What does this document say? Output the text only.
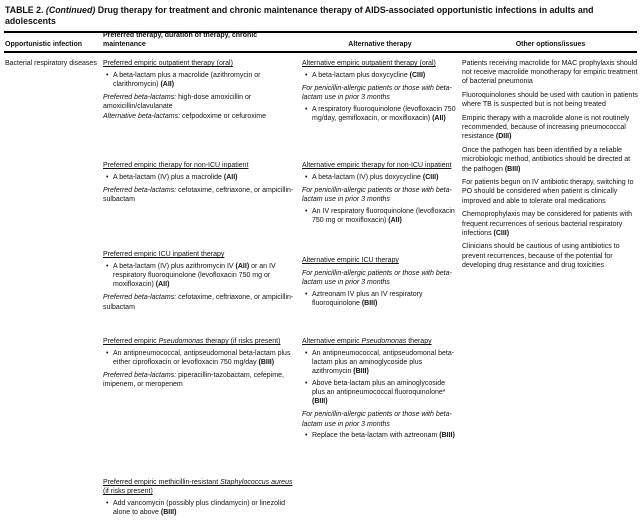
TABLE 2. (Continued) Drug therapy for treatment and chronic maintenance therapy of AIDS-associated opportunistic infections in adults and adolescents
Opportunistic infection
Preferred therapy, duration of therapy, chronic maintenance	Alternative therapy	Other options/issues
Bacterial respiratory diseases Preferred empiric outpatient therapy (oral)
• A beta-lactam plus a macrolide (azithromycin or clarithromycin) (AII)
Preferred beta-lactams: high-dose amoxicillin or amoxicillin/clavulanate
Alternative beta-lactams: cefpodoxime or cefuroxime
Preferred empiric therapy for non-ICU inpatient
• A beta-lactam (IV) plus a macrolide (AII)
Preferred beta-lactams: cefotaxime, ceftriaxone, or ampicillin-sulbactam
Preferred empiric ICU inpatient therapy
• A beta-lactam (IV) plus azithromycin IV (AII) or an IV respiratory fluoroquinolone (levofloxacin 750 mg or moxifloxacin) (AII)
Preferred beta-lactams: cefotaxime, ceftriaxone, or ampicillin-sulbactam
Preferred empiric Pseudomonas therapy (if risks present)
• An antipneumococcal, antipseudomonal beta-lactam plus either ciprofloxacin or levofloxacin 750 mg/day (BIII)
Preferred beta-lactams: piperacillin-tazobactam, cefepime, imipenem, or meropenem
Preferred empiric methicillin-resistant Staphylococcus aureus (if risks present)
• Add vancomycin (possibly plus clindamycin) or linezolid alone to above (BIII)
Alternative empiric outpatient therapy (oral)
• A beta-lactam plus doxycycline (CIII)
For penicillin-allergic patients or those with beta-lactam use in prior 3 months
• A respiratory fluoroquinolone (levofloxacin 750 mg/day, gemifloxacin, or moxifloxacin) (AII)
Alternative empiric therapy for non-ICU inpatient
• A beta-lactam (IV) plus doxycycline (CIII)
For penicillin-allergic patients or those with beta-lactam use in prior 3 months
• An IV respiratory fluoroquinolone (levofloxacin 750 mg or moxifloxacin) (AII)
Alternative empiric ICU therapy
For penicillin-allergic patients or those with beta-lactam use in prior 3 months
• Aztreonam IV plus an IV respiratory fluoroquinolone (BIII)
Alternative empiric Pseudomonas therapy
• An antipneumococcal, antipseudomonal beta-lactam plus an aminoglycoside plus azithromycin (BIII)
• Above beta-lactam plus an aminoglycoside plus an antipneumococcal fluoroquinolone* (BIII)
For penicillin-allergic patients or those with beta-lactam use in prior 3 months
• Replace the beta-lactam with aztreonam (BIII)
Patients receiving macrolide for MAC prophylaxis should not receive macrolide monotherapy for empiric treatment of bacterial pneumonia
Fluoroquinolones should be used with caution in patients where TB is suspected but is not being treated
Empiric therapy with a macrolide alone is not routinely recommended, because of increasing pneumococcal resistance (DIII)
Once the pathogen has been identified by a reliable microbiologic method, antibiotics should be directed at the pathogen (BIII)
For patients begun on IV antibiotic therapy, switching to PO should be considered when patient is clinically improved and able to tolerate oral medications
Chemoprophylaxis may be considered for patients with frequent recurrences of serious bacterial respiratory infections (CIII)
Clinicians should be cautious of using antibiotics to prevent recurrences, because of the potential for developing drug resistance and drug toxicities
